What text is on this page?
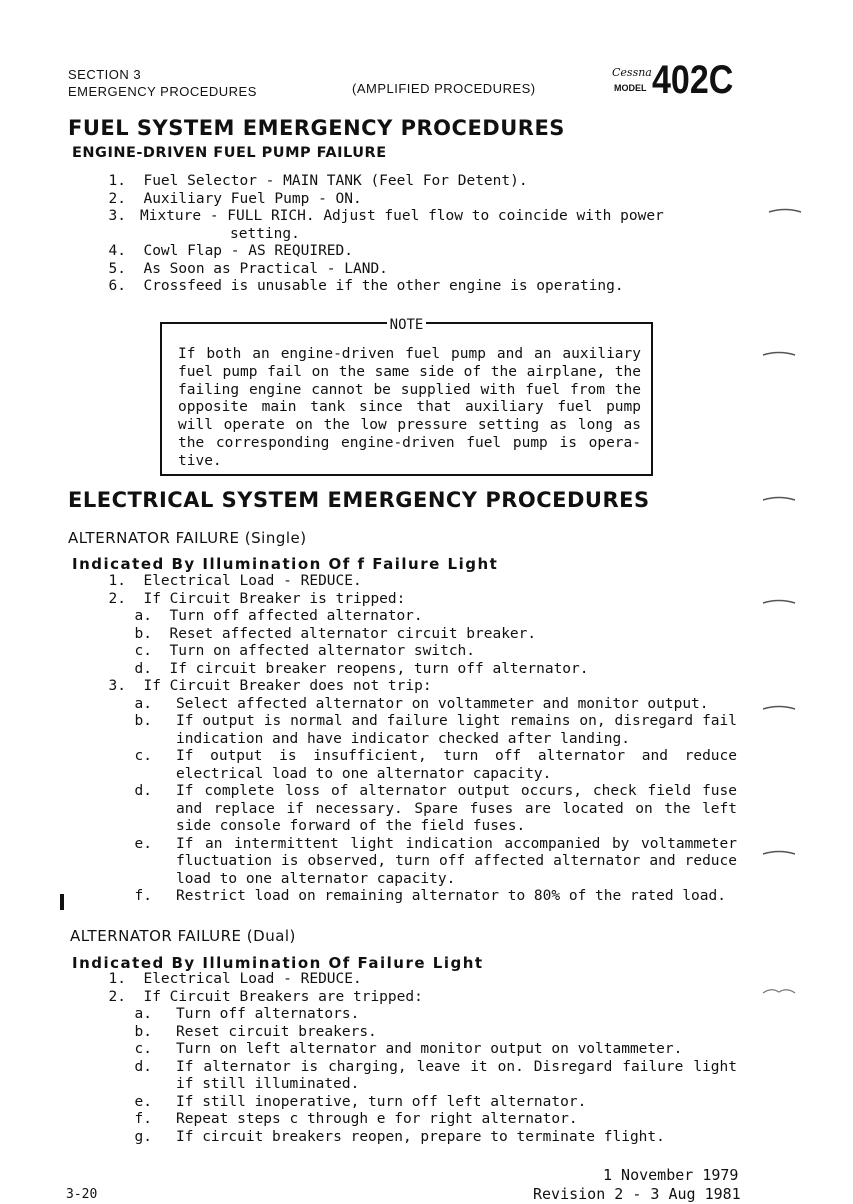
SECTION 3
EMERGENCY PROCEDURES	(AMPLIFIED PROCEDURES)
Cessna
MODEL 402C
FUEL SYSTEM EMERGENCY PROCEDURES
ENGINE-DRIVEN FUEL PUMP FAILURE
1. Fuel Selector - MAIN TANK (Feel For Detent).
2. Auxiliary Fuel Pump - ON.
3. Mixture - FULL RICH. Adjust fuel flow to coincide with power
setting.
4. Cowl Flap - AS REQUIRED.
5. As Soon as Practical - LAND.
6. Crossfeed is unusable if the other engine is operating.
NOTE
If both an engine-driven fuel pump and an auxiliary fuel pump fail on the same side of the airplane, the failing engine cannot be supplied with fuel from the opposite main tank since that auxiliary fuel pump will operate on the low pressure setting as long as the corresponding engine-driven fuel pump is opera-tive.
ELECTRICAL SYSTEM EMERGENCY PROCEDURES
ALTERNATOR FAILURE (Single)
Indicated By Illumination Of f Failure Light
1. Electrical Load - REDUCE.
2. If Circuit Breaker is tripped:
a. Turn off affected alternator.
b. Reset affected alternator circuit breaker.
c. Turn on affected alternator switch.
d. If circuit breaker reopens, turn off alternator.
3. If Circuit Breaker does not trip:
a. Select affected alternator on voltammeter and monitor output.
b. If output is normal and failure light remains on, disregard fail indication and have indicator checked after landing.
c. If output is insufficient, turn off alternator and reduce electrical load to one alternator capacity.
d. If complete loss of alternator output occurs, check field fuse and replace if necessary. Spare fuses are located on the left side console forward of the field fuses.
e. If an intermittent light indication accompanied by voltammeter fluctuation is observed, turn off affected alternator and reduce load to one alternator capacity.
f. Restrict load on remaining alternator to 80% of the rated load.
ALTERNATOR FAILURE (Dual)
Indicated By Illumination Of Failure Light
1. Electrical Load - REDUCE.
2. If Circuit Breakers are tripped:
a. Turn off alternators.
b. Reset circuit breakers.
c. Turn on left alternator and monitor output on voltammeter.
d. If alternator is charging, leave it on. Disregard failure light if still illuminated.
e. If still inoperative, turn off left alternator.
f. Repeat steps c through e for right alternator.
g. If circuit breakers reopen, prepare to terminate flight.
1 November 1979
Revision 2 - 3 Aug 1981
3-20
